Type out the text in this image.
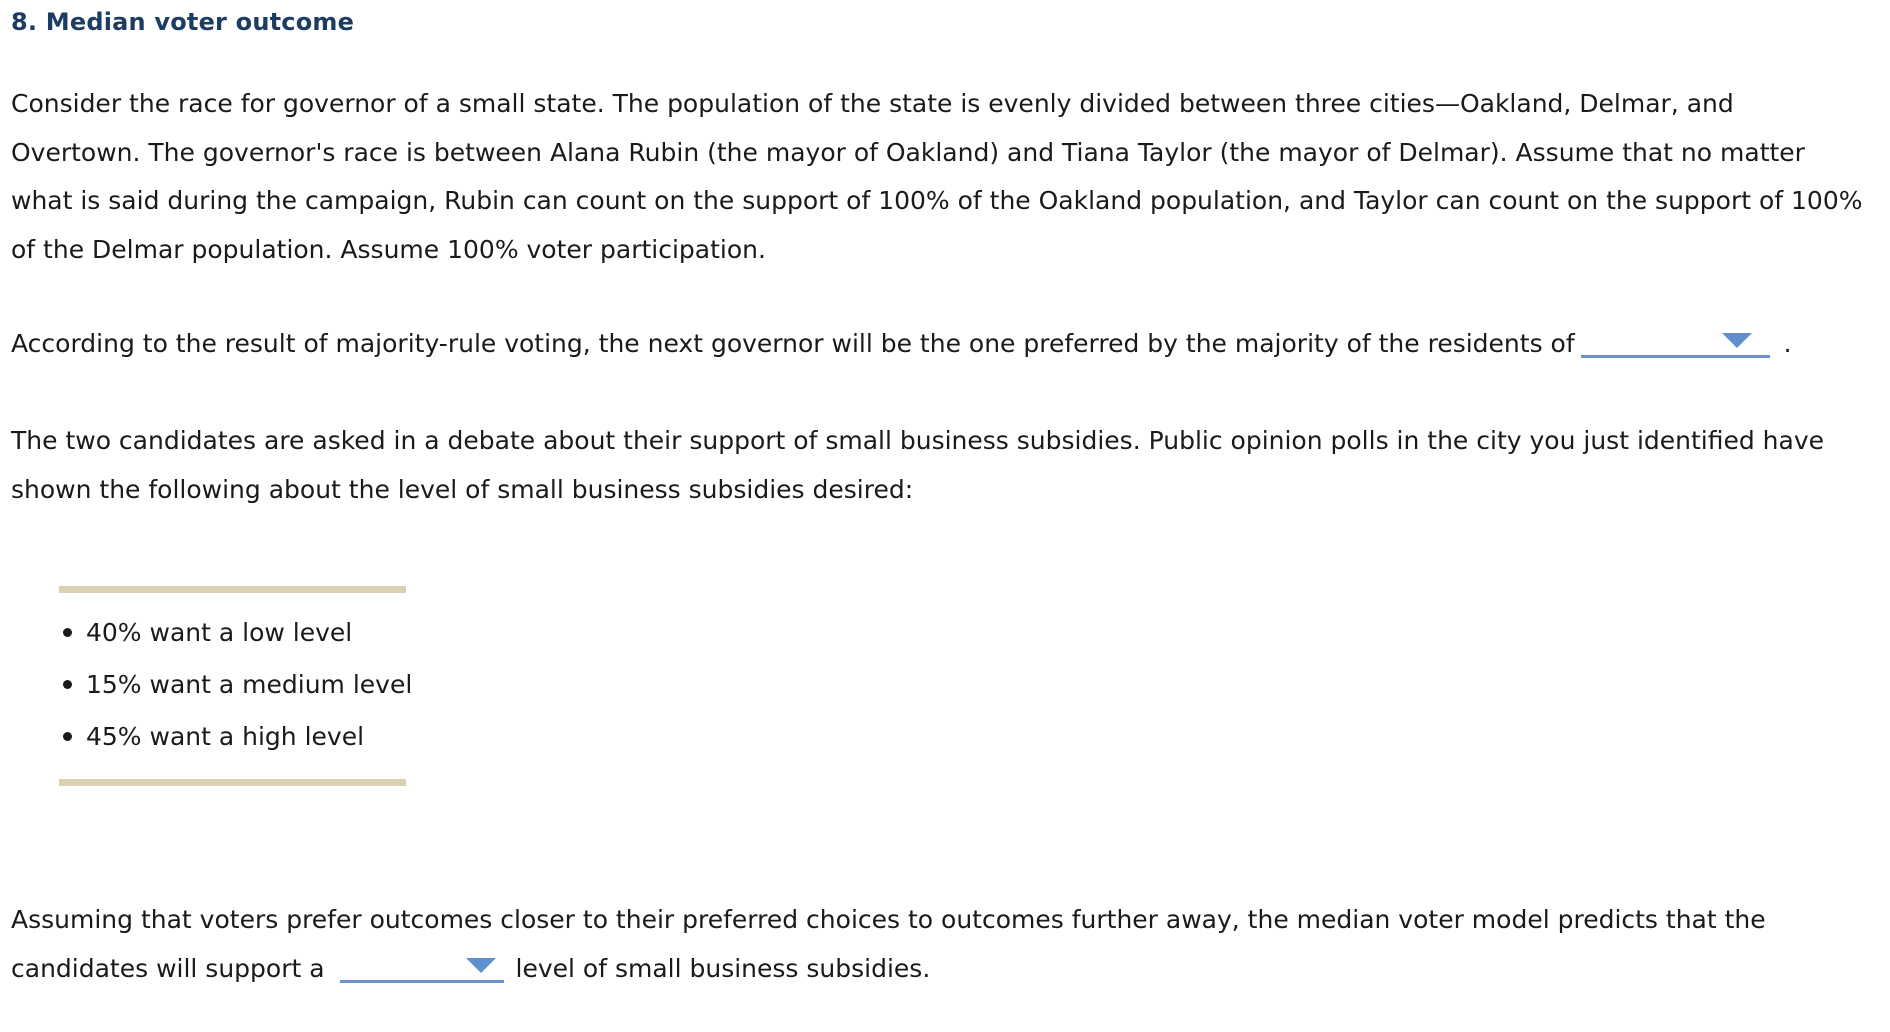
8. Median voter outcome

Consider the race for governor of a small state. The population of the state is evenly divided between three cities—Oakland, Delmar, and Overtown. The governor's race is between Alana Rubin (the mayor of Oakland) and Tiana Taylor (the mayor of Delmar). Assume that no matter what is said during the campaign, Rubin can count on the support of 100% of the Oakland population, and Taylor can count on the support of 100% of the Delmar population. Assume 100% voter participation.

According to the result of majority-rule voting, the next governor will be the one preferred by the majority of the residents of	.

The two candidates are asked in a debate about their support of small business subsidies. Public opinion polls in the city you just identified have shown the following about the level of small business subsidies desired:

40% want a low level
15% want a medium level
45% want a high level

Assuming that voters prefer outcomes closer to their preferred choices to outcomes further away, the median voter model predicts that the candidates will support a	level of small business subsidies.
